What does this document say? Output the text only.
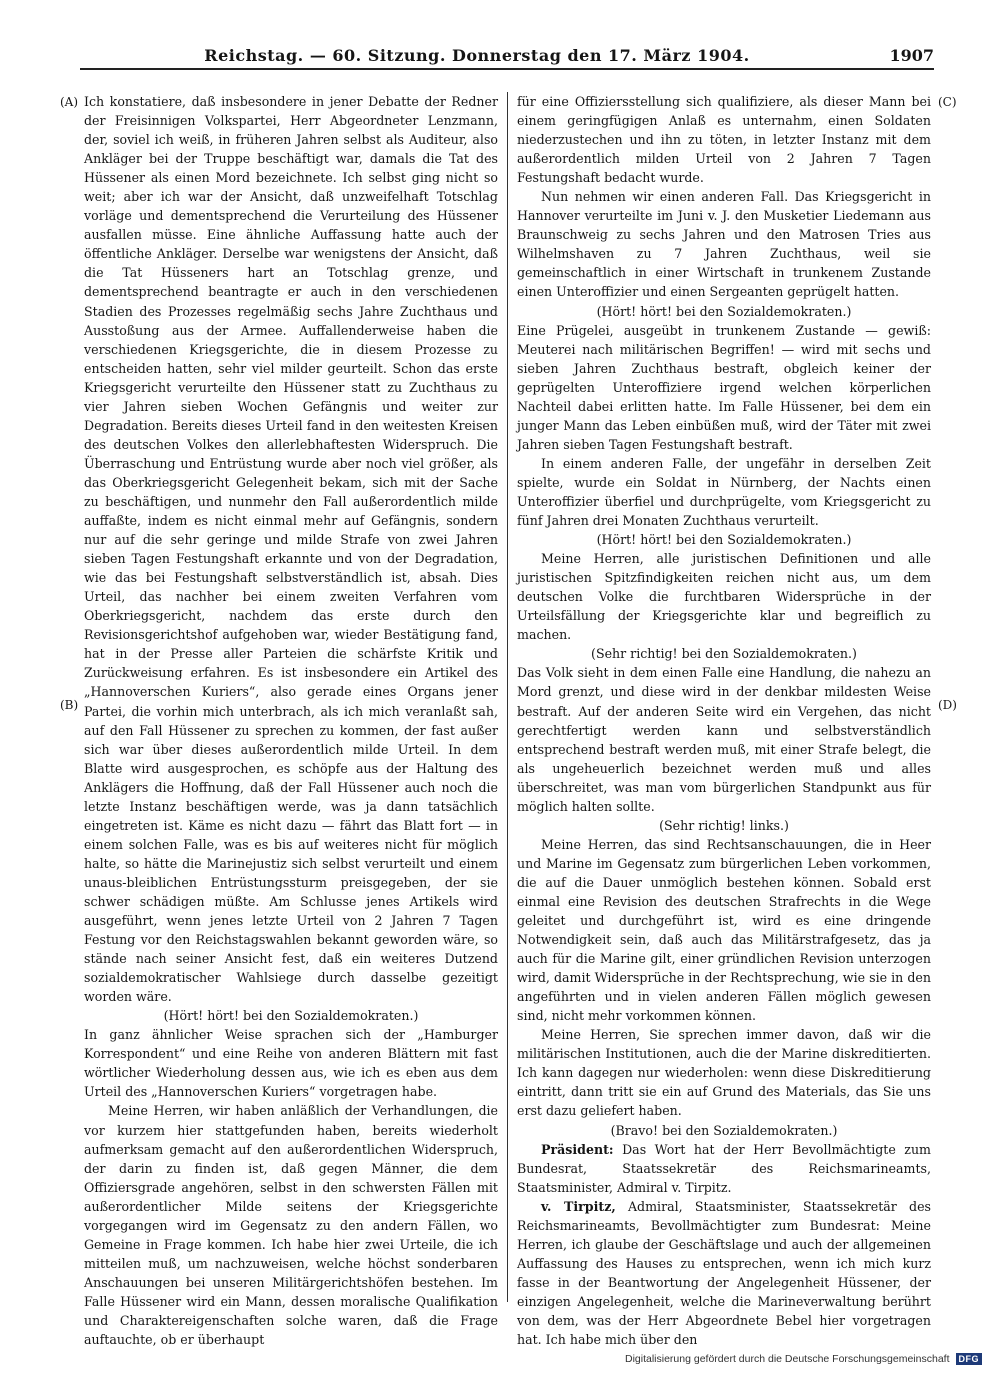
Reichstag. — 60. Sitzung. Donnerstag den 17. März 1904.	1907
(A)
(B)
(C)
(D)

Ich konstatiere, daß insbesondere in jener Debatte der Redner der Freisinnigen Volkspartei, Herr Abgeordneter Lenzmann, der, soviel ich weiß, in früheren Jahren selbst als Auditeur, also Ankläger bei der Truppe beschäftigt war, damals die Tat des Hüssener als einen Mord bezeichnete. Ich selbst ging nicht so weit; aber ich war der Ansicht, daß unzweifelhaft Totschlag vorläge und dementsprechend die Verurteilung des Hüssener ausfallen müsse. Eine ähnliche Auffassung hatte auch der öffentliche Ankläger. Derselbe war wenigstens der Ansicht, daß die Tat Hüsseners hart an Totschlag grenze, und dementsprechend beantragte er auch in den verschiedenen Stadien des Prozesses regelmäßig sechs Jahre Zuchthaus und Ausstoßung aus der Armee. Auffallenderweise haben die verschiedenen Kriegsgerichte, die in diesem Prozesse zu entscheiden hatten, sehr viel milder geurteilt. Schon das erste Kriegsgericht verurteilte den Hüssener statt zu Zuchthaus zu vier Jahren sieben Wochen Gefängnis und weiter zur Degradation. Bereits dieses Urteil fand in den weitesten Kreisen des deutschen Volkes den allerlebhaftesten Widerspruch. Die Überraschung und Entrüstung wurde aber noch viel größer, als das Oberkriegsgericht Gelegenheit bekam, sich mit der Sache zu beschäftigen, und nunmehr den Fall außerordentlich milde auffaßte, indem es nicht einmal mehr auf Gefängnis, sondern nur auf die sehr geringe und milde Strafe von zwei Jahren sieben Tagen Festungshaft erkannte und von der Degradation, wie das bei Festungshaft selbstverständlich ist, absah. Dies Urteil, das nachher bei einem zweiten Verfahren vom Oberkriegsgericht, nachdem das erste durch den Revisionsgerichtshof aufgehoben war, wieder Bestätigung fand, hat in der Presse aller Parteien die schärfste Kritik und Zurückweisung erfahren. Es ist insbesondere ein Artikel des „Hannoverschen Kuriers“, also gerade eines Organs jener Partei, die vorhin mich unterbrach, als ich mich veranlaßt sah, auf den Fall Hüssener zu sprechen zu kommen, der fast außer sich war über dieses außerordentlich milde Urteil. In dem Blatte wird ausgesprochen, es schöpfe aus der Haltung des Anklägers die Hoffnung, daß der Fall Hüssener auch noch die letzte Instanz beschäftigen werde, was ja dann tatsächlich eingetreten ist. Käme es nicht dazu — fährt das Blatt fort — in einem solchen Falle, was es bis auf weiteres nicht für möglich halte, so hätte die Marinejustiz sich selbst verurteilt und einem unaus-bleiblichen Entrüstungssturm preisgegeben, der sie schwer schädigen müßte. Am Schlusse jenes Artikels wird ausgeführt, wenn jenes letzte Urteil von 2 Jahren 7 Tagen Festung vor den Reichstagswahlen bekannt geworden wäre, so stände nach seiner Ansicht fest, daß ein weiteres Dutzend sozialdemokratischer Wahlsiege durch dasselbe gezeitigt worden wäre.

(Hört! hört! bei den Sozialdemokraten.)

In ganz ähnlicher Weise sprachen sich der „Hamburger Korrespondent“ und eine Reihe von anderen Blättern mit fast wörtlicher Wiederholung dessen aus, wie ich es eben aus dem Urteil des „Hannoverschen Kuriers“ vorgetragen habe.

Meine Herren, wir haben anläßlich der Verhandlungen, die vor kurzem hier stattgefunden haben, bereits wiederholt aufmerksam gemacht auf den außerordentlichen Widerspruch, der darin zu finden ist, daß gegen Männer, die dem Offiziersgrade angehören, selbst in den schwersten Fällen mit außerordentlicher Milde seitens der Kriegsgerichte vorgegangen wird im Gegensatz zu den andern Fällen, wo Gemeine in Frage kommen. Ich habe hier zwei Urteile, die ich mitteilen muß, um nachzuweisen, welche höchst sonderbaren Anschauungen bei unseren Militärgerichtshöfen bestehen. Im Falle Hüssener wird ein Mann, dessen moralische Qualifikation und Charaktereigenschaften solche waren, daß die Frage auftauchte, ob er überhaupt

für eine Offiziersstellung sich qualifiziere, als dieser Mann bei einem geringfügigen Anlaß es unternahm, einen Soldaten niederzustechen und ihn zu töten, in letzter Instanz mit dem außerordentlich milden Urteil von 2 Jahren 7 Tagen Festungshaft bedacht wurde.

Nun nehmen wir einen anderen Fall. Das Kriegsgericht in Hannover verurteilte im Juni v. J. den Musketier Liedemann aus Braunschweig zu sechs Jahren und den Matrosen Tries aus Wilhelmshaven zu 7 Jahren Zuchthaus, weil sie gemeinschaftlich in einer Wirtschaft in trunkenem Zustande einen Unteroffizier und einen Sergeanten geprügelt hatten.

(Hört! hört! bei den Sozialdemokraten.)

Eine Prügelei, ausgeübt in trunkenem Zustande — gewiß: Meuterei nach militärischen Begriffen! — wird mit sechs und sieben Jahren Zuchthaus bestraft, obgleich keiner der geprügelten Unteroffiziere irgend welchen körperlichen Nachteil dabei erlitten hatte. Im Falle Hüssener, bei dem ein junger Mann das Leben einbüßen muß, wird der Täter mit zwei Jahren sieben Tagen Festungshaft bestraft.

In einem anderen Falle, der ungefähr in derselben Zeit spielte, wurde ein Soldat in Nürnberg, der Nachts einen Unteroffizier überfiel und durchprügelte, vom Kriegsgericht zu fünf Jahren drei Monaten Zuchthaus verurteilt.

(Hört! hört! bei den Sozialdemokraten.)

Meine Herren, alle juristischen Definitionen und alle juristischen Spitzfindigkeiten reichen nicht aus, um dem deutschen Volke die furchtbaren Widersprüche in der Urteilsfällung der Kriegsgerichte klar und begreiflich zu machen.

(Sehr richtig! bei den Sozialdemokraten.)

Das Volk sieht in dem einen Falle eine Handlung, die nahezu an Mord grenzt, und diese wird in der denkbar mildesten Weise bestraft. Auf der anderen Seite wird ein Vergehen, das nicht gerechtfertigt werden kann und selbstverständlich entsprechend bestraft werden muß, mit einer Strafe belegt, die als ungeheuerlich bezeichnet werden muß und alles überschreitet, was man vom bürgerlichen Standpunkt aus für möglich halten sollte.

(Sehr richtig! links.)

Meine Herren, das sind Rechtsanschauungen, die in Heer und Marine im Gegensatz zum bürgerlichen Leben vorkommen, die auf die Dauer unmöglich bestehen können. Sobald erst einmal eine Revision des deutschen Strafrechts in die Wege geleitet und durchgeführt ist, wird es eine dringende Notwendigkeit sein, daß auch das Militärstrafgesetz, das ja auch für die Marine gilt, einer gründlichen Revision unterzogen wird, damit Widersprüche in der Rechtsprechung, wie sie in den angeführten und in vielen anderen Fällen möglich gewesen sind, nicht mehr vorkommen können.

Meine Herren, Sie sprechen immer davon, daß wir die militärischen Institutionen, auch die der Marine diskreditierten. Ich kann dagegen nur wiederholen: wenn diese Diskreditierung eintritt, dann tritt sie ein auf Grund des Materials, das Sie uns erst dazu geliefert haben.

(Bravo! bei den Sozialdemokraten.)

Präsident: Das Wort hat der Herr Bevollmächtigte zum Bundesrat, Staatssekretär des Reichsmarineamts, Staatsminister, Admiral v. Tirpitz.

v. Tirpitz, Admiral, Staatsminister, Staatssekretär des Reichsmarineamts, Bevollmächtigter zum Bundesrat: Meine Herren, ich glaube der Geschäftslage und auch der allgemeinen Auffassung des Hauses zu entsprechen, wenn ich mich kurz fasse in der Beantwortung der Angelegenheit Hüssener, der einzigen Angelegenheit, welche die Marineverwaltung berührt von dem, was der Herr Abgeordnete Bebel hier vorgetragen hat. Ich habe mich über den

Digitalisierung gefördert durch die Deutsche Forschungsgemeinschaft	DFG
